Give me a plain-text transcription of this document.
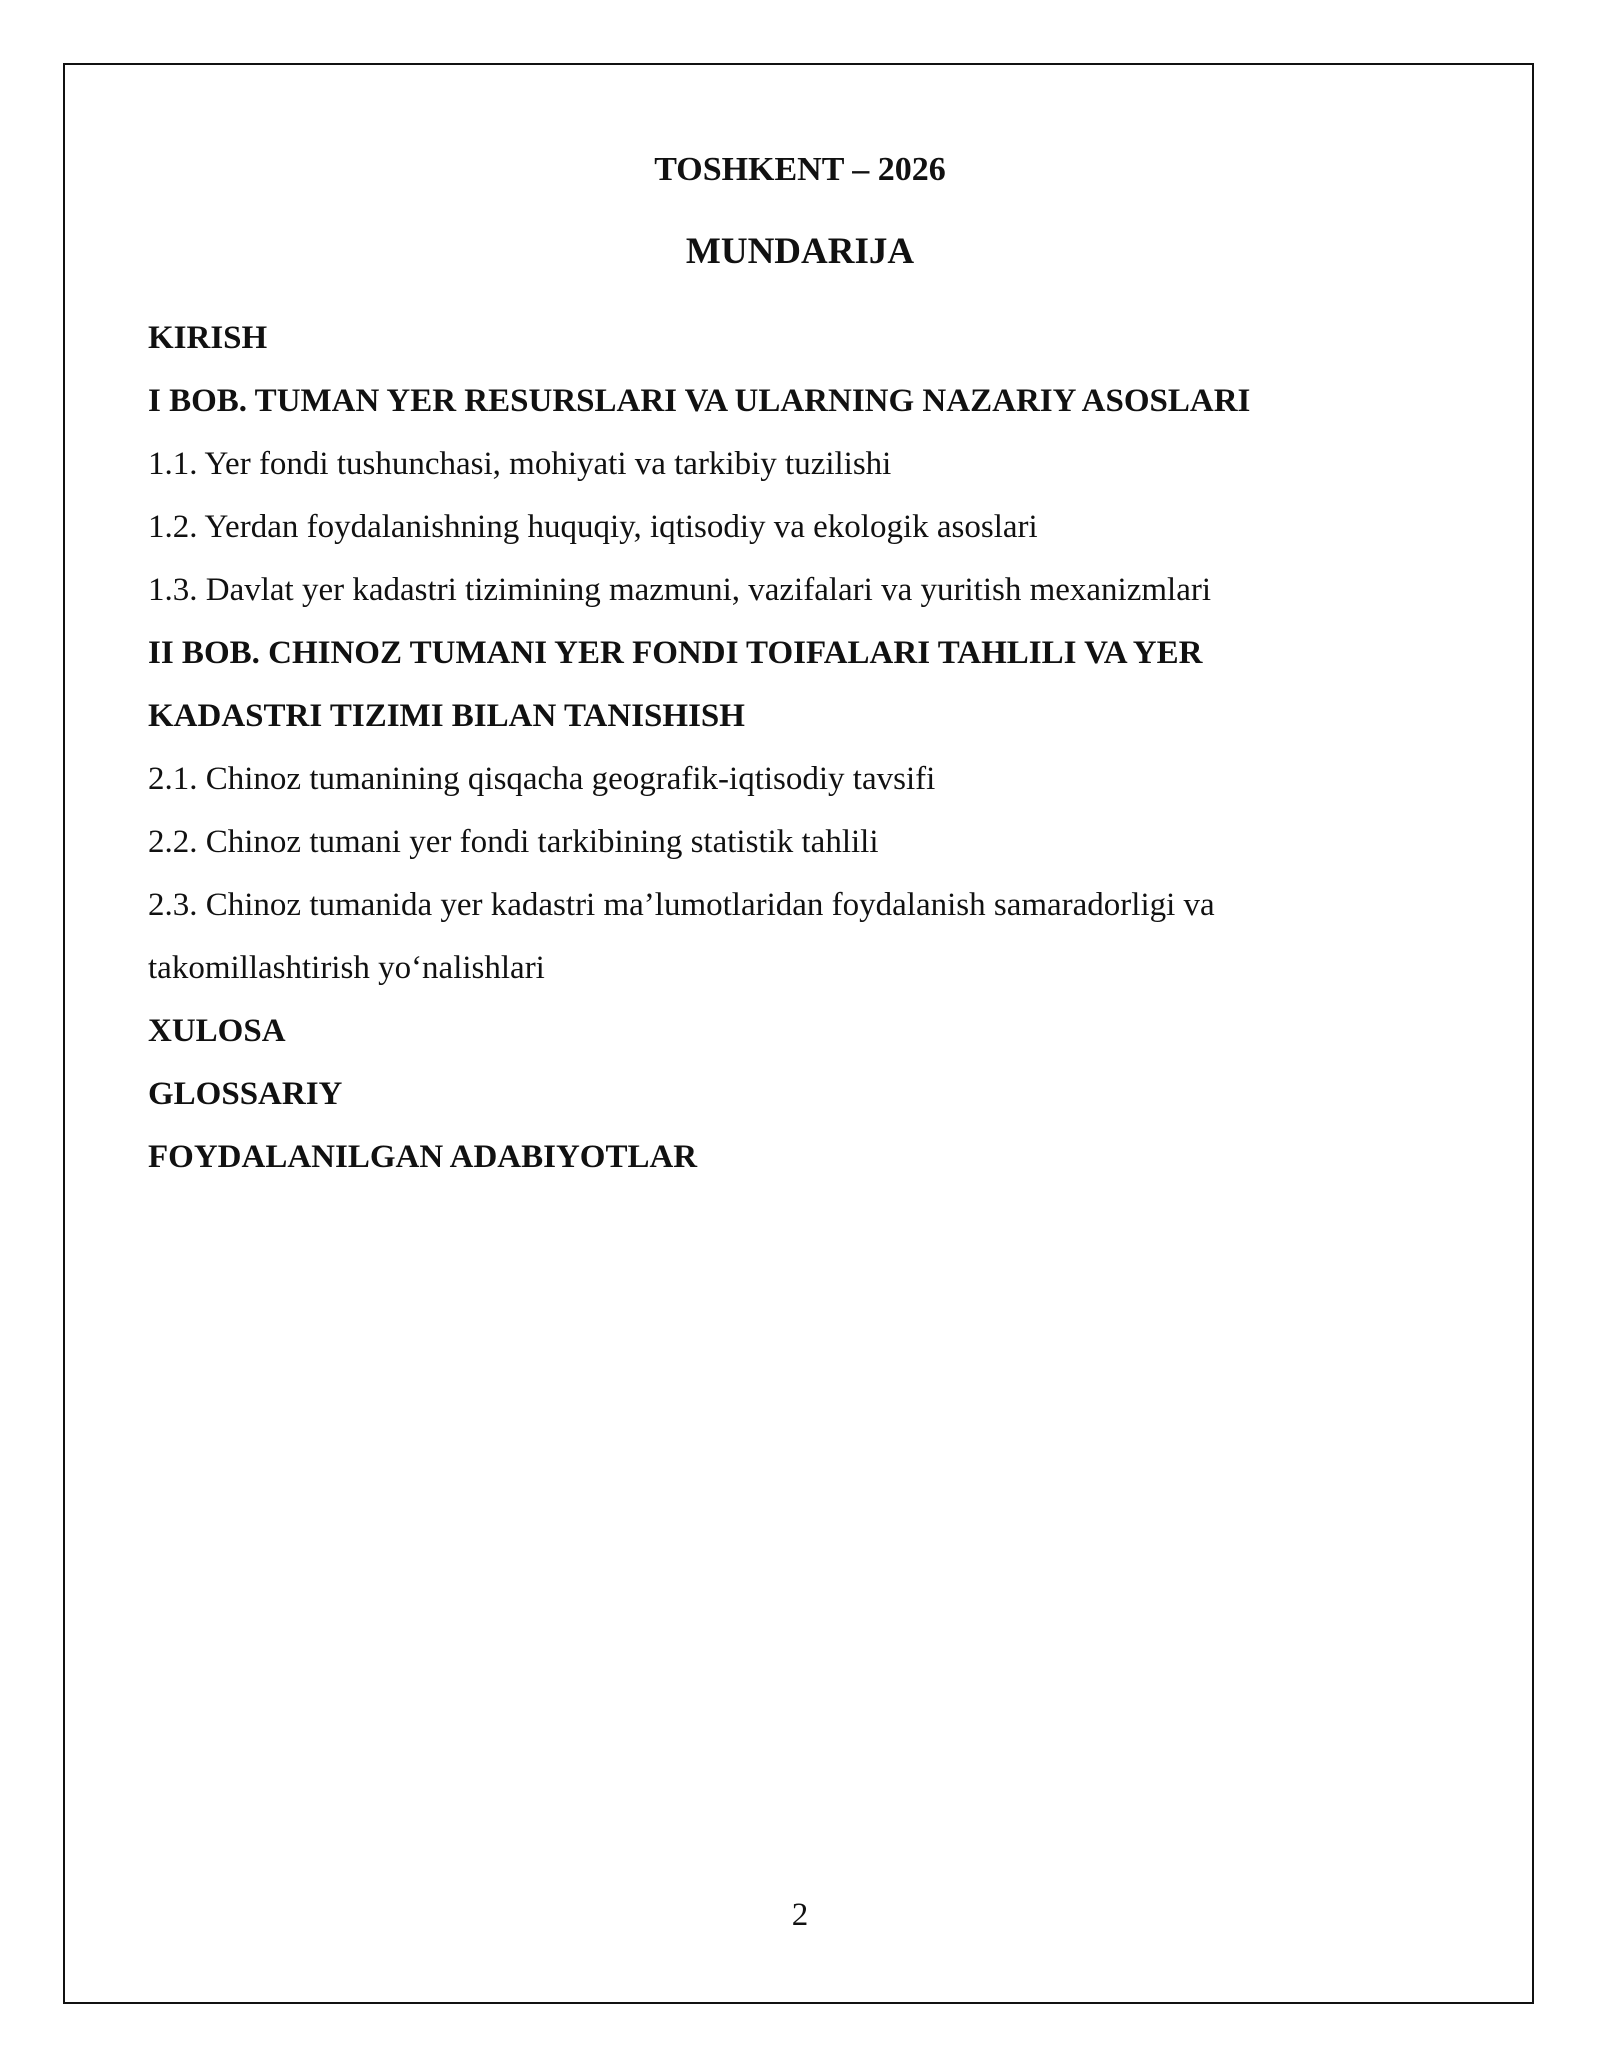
TOSHKENT – 2026
MUNDARIJA
KIRISH
I BOB. TUMAN YER RESURSLARI VA ULARNING NAZARIY ASOSLARI
1.1. Yer fondi tushunchasi, mohiyati va tarkibiy tuzilishi
1.2. Yerdan foydalanishning huquqiy, iqtisodiy va ekologik asoslari
1.3. Davlat yer kadastri tizimining mazmuni, vazifalari va yuritish mexanizmlari
II BOB. CHINOZ TUMANI YER FONDI TOIFALARI TAHLILI VA YER
KADASTRI TIZIMI BILAN TANISHISH
2.1. Chinoz tumanining qisqacha geografik-iqtisodiy tavsifi
2.2. Chinoz tumani yer fondi tarkibining statistik tahlili
2.3. Chinoz tumanida yer kadastri ma’lumotlaridan foydalanish samaradorligi va
takomillashtirish yo‘nalishlari
XULOSA
GLOSSARIY
FOYDALANILGAN ADABIYOTLAR
2
